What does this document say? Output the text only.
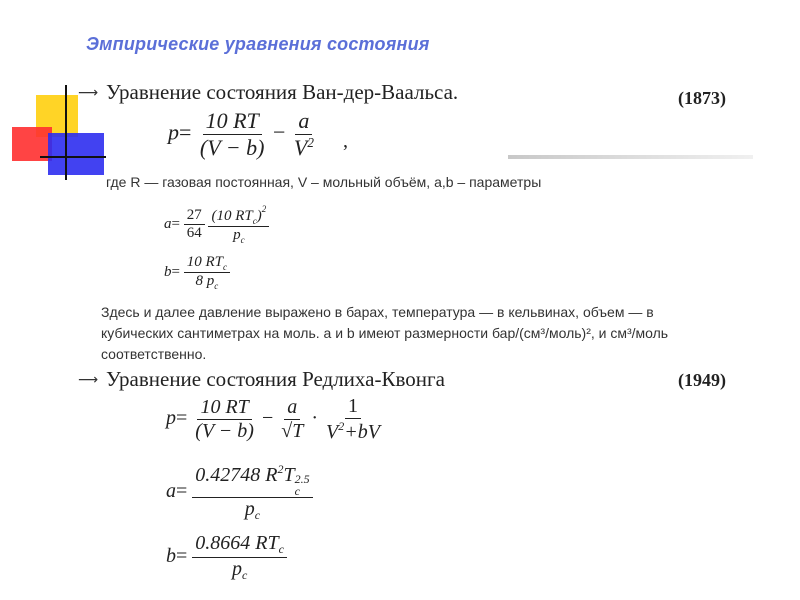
Эмпирические уравнения состояния
⟶ Уравнение состояния Ван-дер-Ваальса.	(1873)
$p= \frac{10 RT}{(V - b)} - \frac{a}{V^2}$ ,
где R — газовая постоянная, V – мольный объём, a,b – параметры
$a= \frac{27}{64}$
$\frac{(10 RT_c)^2}{p_c}$
$b= \frac{10 RT_c}{8 p_c}$
Здесь и далее давление выражено в барах, температура — в кельвинах, объем — в
кубических сантиметрах на моль. a и b имеют размерности бар/(см³/моль)², и см³/моль
соответственно.
⟶ Уравнение состояния Редлиха-Квонга	(1949)
$p= \frac{10 RT}{(V - b)} - \frac{a}{√T} \cdot \frac{1}{V^2+bV}$
a= 0.42748 $R^2T$ 2.5
c
$p_c$
$b= \frac{0.8664 RT_c}{p_c}$
